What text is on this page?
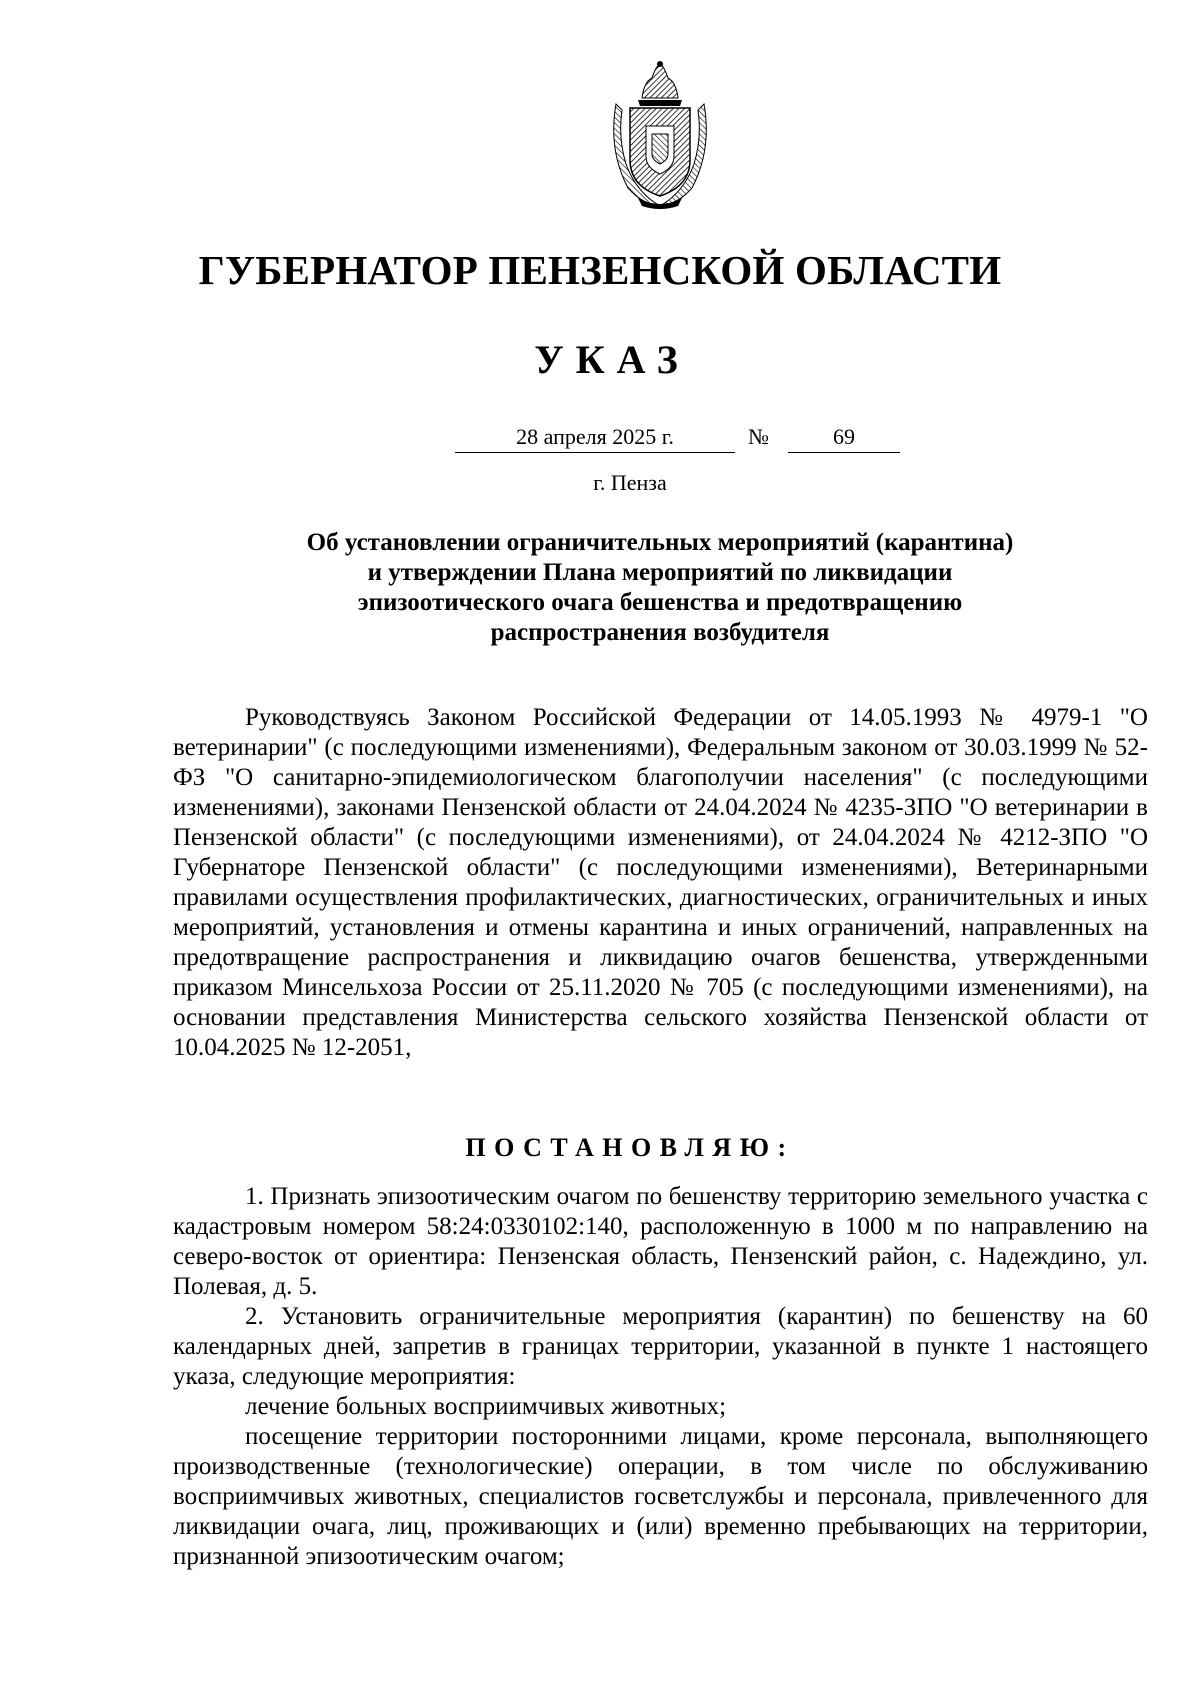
ГУБЕРНАТОР ПЕНЗЕНСКОЙ ОБЛАСТИ
УКАЗ
28 апреля 2025 г.	№	69
г. Пенза
Об установлении ограничительных мероприятий (карантина)
и утверждении Плана мероприятий по ликвидации
эпизоотического очага бешенства и предотвращению
распространения возбудителя

Руководствуясь Законом Российской Федерации от 14.05.1993 № 4979-1 "О ветеринарии" (с последующими изменениями), Федеральным законом от 30.03.1999 № 52-ФЗ "О санитарно-эпидемиологическом благополучии населения" (с последующими изменениями), законами Пензенской области от 24.04.2024 № 4235-ЗПО "О ветеринарии в Пензенской области" (с последующими изменениями), от 24.04.2024 № 4212-ЗПО "О Губернаторе Пензенской области" (с последующими изменениями), Ветеринарными правилами осуществления профилактических, диагностических, ограничительных и иных мероприятий, установления и отмены карантина и иных ограничений, направленных на предотвращение распространения и ликвидацию очагов бешенства, утвержденными приказом Минсельхоза России от 25.11.2020 № 705 (с последующими изменениями), на основании представления Министерства сельского хозяйства Пензенской области от 10.04.2025 № 12-2051,

ПОСТАНОВЛЯЮ:

1. Признать эпизоотическим очагом по бешенству территорию земельного участка с кадастровым номером 58:24:0330102:140, расположенную в 1000 м по направлению на северо-восток от ориентира: Пензенская область, Пензенский район, с. Надеждино, ул. Полевая, д. 5.

2. Установить ограничительные мероприятия (карантин) по бешенству на 60 календарных дней, запретив в границах территории, указанной в пункте 1 настоящего указа, следующие мероприятия:

лечение больных восприимчивых животных;

посещение территории посторонними лицами, кроме персонала, выполняющего производственные (технологические) операции, в том числе по обслуживанию восприимчивых животных, специалистов госветслужбы и персонала, привлеченного для ликвидации очага, лиц, проживающих и (или) временно пребывающих на территории, признанной эпизоотическим очагом;
